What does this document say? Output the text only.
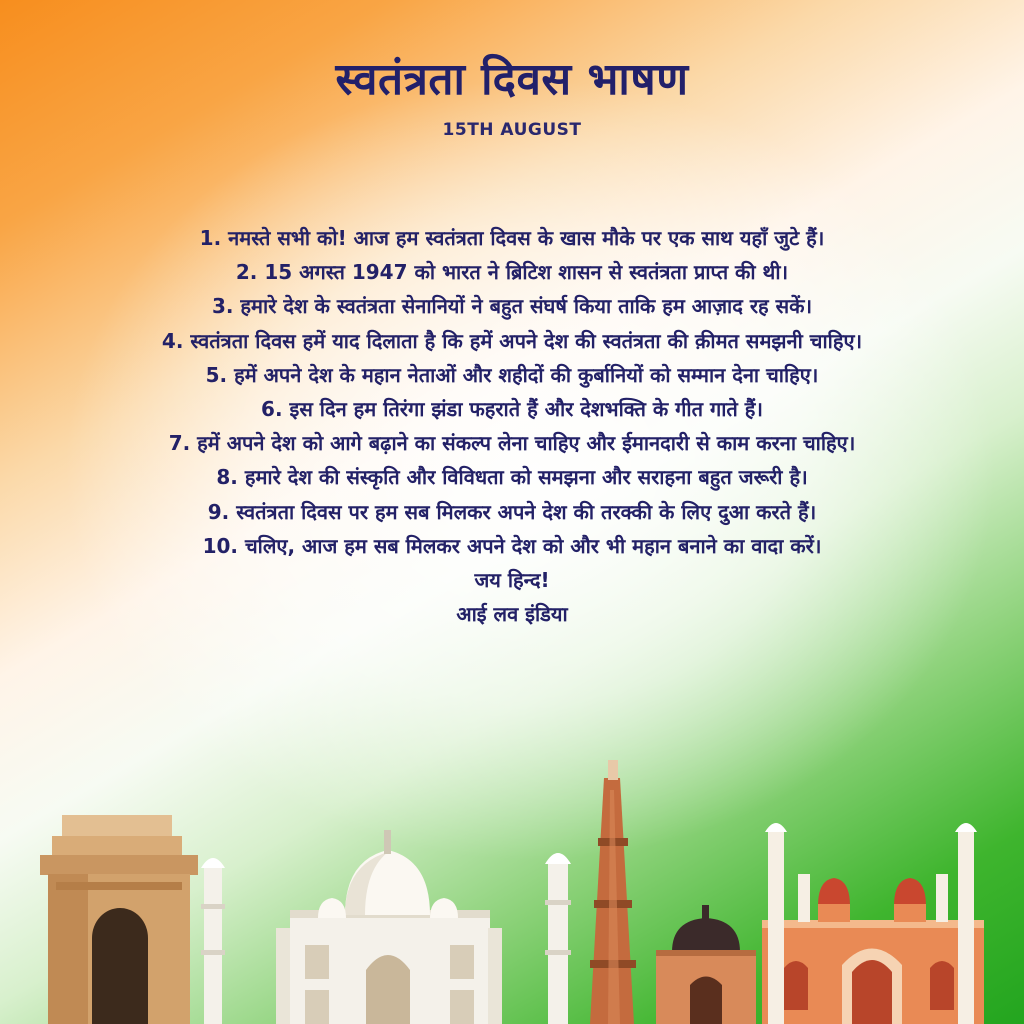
स्वतंत्रता दिवस भाषण
15TH AUGUST
1. नमस्ते सभी को! आज हम स्वतंत्रता दिवस के खास मौके पर एक साथ यहाँ जुटे हैं।
2. 15 अगस्त 1947 को भारत ने ब्रिटिश शासन से स्वतंत्रता प्राप्त की थी।
3. हमारे देश के स्वतंत्रता सेनानियों ने बहुत संघर्ष किया ताकि हम आज़ाद रह सकें।
4. स्वतंत्रता दिवस हमें याद दिलाता है कि हमें अपने देश की स्वतंत्रता की क़ीमत समझनी चाहिए।
5. हमें अपने देश के महान नेताओं और शहीदों की कुर्बानियों को सम्मान देना चाहिए।
6. इस दिन हम तिरंगा झंडा फहराते हैं और देशभक्ति के गीत गाते हैं।
7. हमें अपने देश को आगे बढ़ाने का संकल्प लेना चाहिए और ईमानदारी से काम करना चाहिए।
8. हमारे देश की संस्कृति और विविधता को समझना और सराहना बहुत जरूरी है।
9. स्वतंत्रता दिवस पर हम सब मिलकर अपने देश की तरक्की के लिए दुआ करते हैं।
10. चलिए, आज हम सब मिलकर अपने देश को और भी महान बनाने का वादा करें।
जय हिन्द!
आई लव इंडिया
